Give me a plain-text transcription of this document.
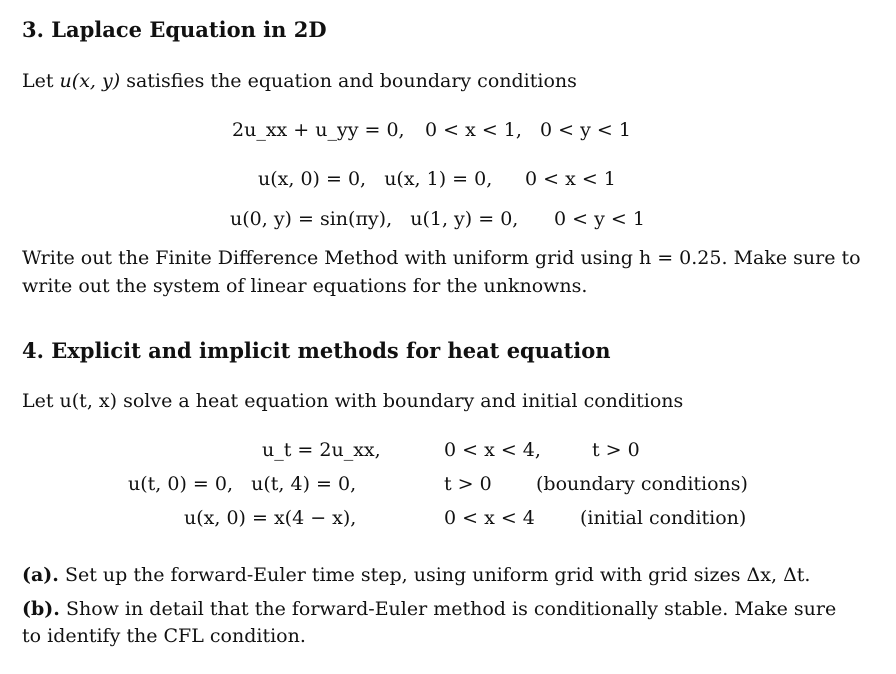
3. Laplace Equation in 2D
Let u(x, y) satisfies the equation and boundary conditions
2u_xx + u_yy = 0, 0 < x < 1,   0 < y < 1
u(x, 0) = 0,   u(x, 1) = 0, 0 < x < 1
u(0, y) = sin(πy),   u(1, y) = 0, 0 < y < 1
Write out the Finite Difference Method with uniform grid using h = 0.25. Make sure to
write out the system of linear equations for the unknowns.
4. Explicit and implicit methods for heat equation
Let u(t, x) solve a heat equation with boundary and initial conditions
u_t = 2u_xx,	0 < x < 4,	t > 0
u(t, 0) = 0,   u(t, 4) = 0,	t > 0 (boundary conditions)
u(x, 0) = x(4 − x),	0 < x < 4 (initial condition)
(a). Set up the forward-Euler time step, using uniform grid with grid sizes Δx, Δt.
(b). Show in detail that the forward-Euler method is conditionally stable. Make sure
to identify the CFL condition.
